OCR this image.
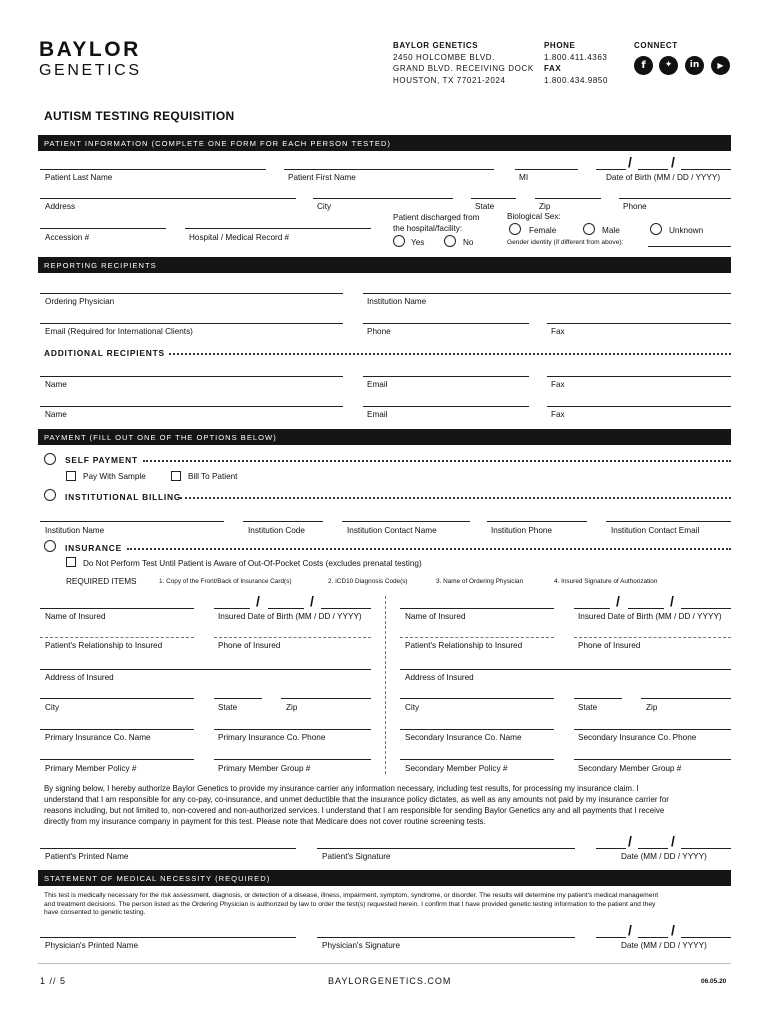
BAYLOR
GENETICS
BAYLOR GENETICS
2450 HOLCOMBE BLVD.
GRAND BLVD. RECEIVING DOCK
HOUSTON, TX 77021-2024
PHONE
1.800.411.4363
FAX
1.800.434.9850
CONNECT
f	✦	in	▶
AUTISM TESTING REQUISITION
PATIENT INFORMATION (COMPLETE ONE FORM FOR EACH PERSON TESTED)
/	/
Patient Last Name	Patient First Name	MI	Date of Birth (MM / DD / YYYY)
Address	City	State	Zip	Phone
Accession #	Hospital / Medical Record #
Patient discharged from
the hospital/facility:
Yes	No
Biological Sex:
Female	Male	Unknown
Gender identity (if different from above):
REPORTING RECIPIENTS
Ordering Physician	Institution Name
Email (Required for International Clients)	Phone	Fax
ADDITIONAL RECIPIENTS
Name	Email	Fax
Name	Email	Fax
PAYMENT (FILL OUT ONE OF THE OPTIONS BELOW)
SELF PAYMENT
Pay With Sample	Bill To Patient
INSTITUTIONAL BILLING
Institution Name	Institution Code	Institution Contact Name	Institution Phone	Institution Contact Email
INSURANCE
Do Not Perform Test Until Patient is Aware of Out-Of-Pocket Costs (excludes prenatal testing)
REQUIRED ITEMS	1. Copy of the Front/Back of Insurance Card(s)	2. ICD10 Diagnosis Code(s)	3. Name of Ordering Physician	4. Insured Signature of Authorization
/	/
Name of Insured	Insured Date of Birth (MM / DD / YYYY)
/	/
Name of Insured	Insured Date of Birth (MM / DD / YYYY)
Patient's Relationship to Insured	Phone of Insured	Patient's Relationship to Insured	Phone of Insured
Address of Insured	Address of Insured
City	State	Zip	City	State	Zip
Primary Insurance Co. Name	Primary Insurance Co. Phone	Secondary Insurance Co. Name	Secondary Insurance Co. Phone
Primary Member Policy #	Primary Member Group #	Secondary Member Policy #	Secondary Member Group #
By signing below, I hereby authorize Baylor Genetics to provide my insurance carrier any information necessary, including test results, for processing my insurance claim. I
understand that I am responsible for any co-pay, co-insurance, and unmet deductible that the insurance policy dictates, as well as any amounts not paid by my insurance carrier for
reasons including, but not limited to, non-covered and non-authorized services. I understand that I am responsible for sending Baylor Genetics any and all payments that I receive
directly from my insurance company in payment for this test. Please note that Medicare does not cover routine screening tests.
/	/
Patient's Printed Name	Patient's Signature	Date (MM / DD / YYYY)
STATEMENT OF MEDICAL NECESSITY (REQUIRED)
This test is medically necessary for the risk assessment, diagnosis, or detection of a disease, illness, impairment, symptom, syndrome, or disorder. The results will determine my patient's medical management
and treatment decisions. The person listed as the Ordering Physician is authorized by law to order the test(s) requested herein. I confirm that I have provided genetic testing information to the patient and they
have consented to genetic testing.
/	/
Physician's Printed Name	Physician's Signature	Date (MM / DD / YYYY)
1 // 5	BAYLORGENETICS.COM	06.05.20
